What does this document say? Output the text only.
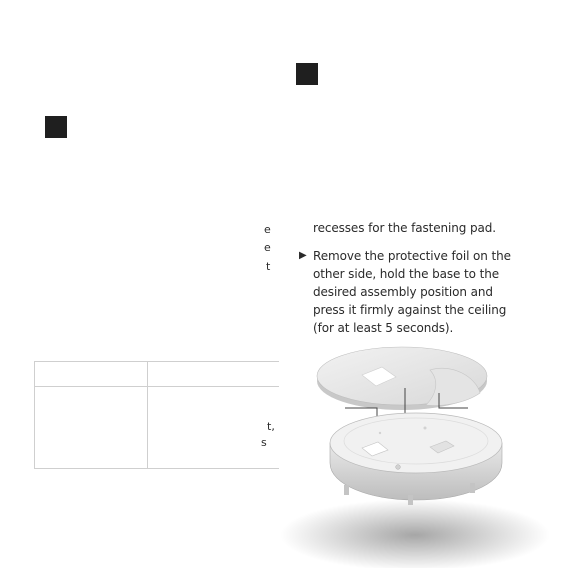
e
e
t

recesses for the fastening pad.

▶ Remove the protective foil on the other side, hold the base to the desired assembly position and press it firmly against the ceiling (for at least 5 seconds).
t,
s
